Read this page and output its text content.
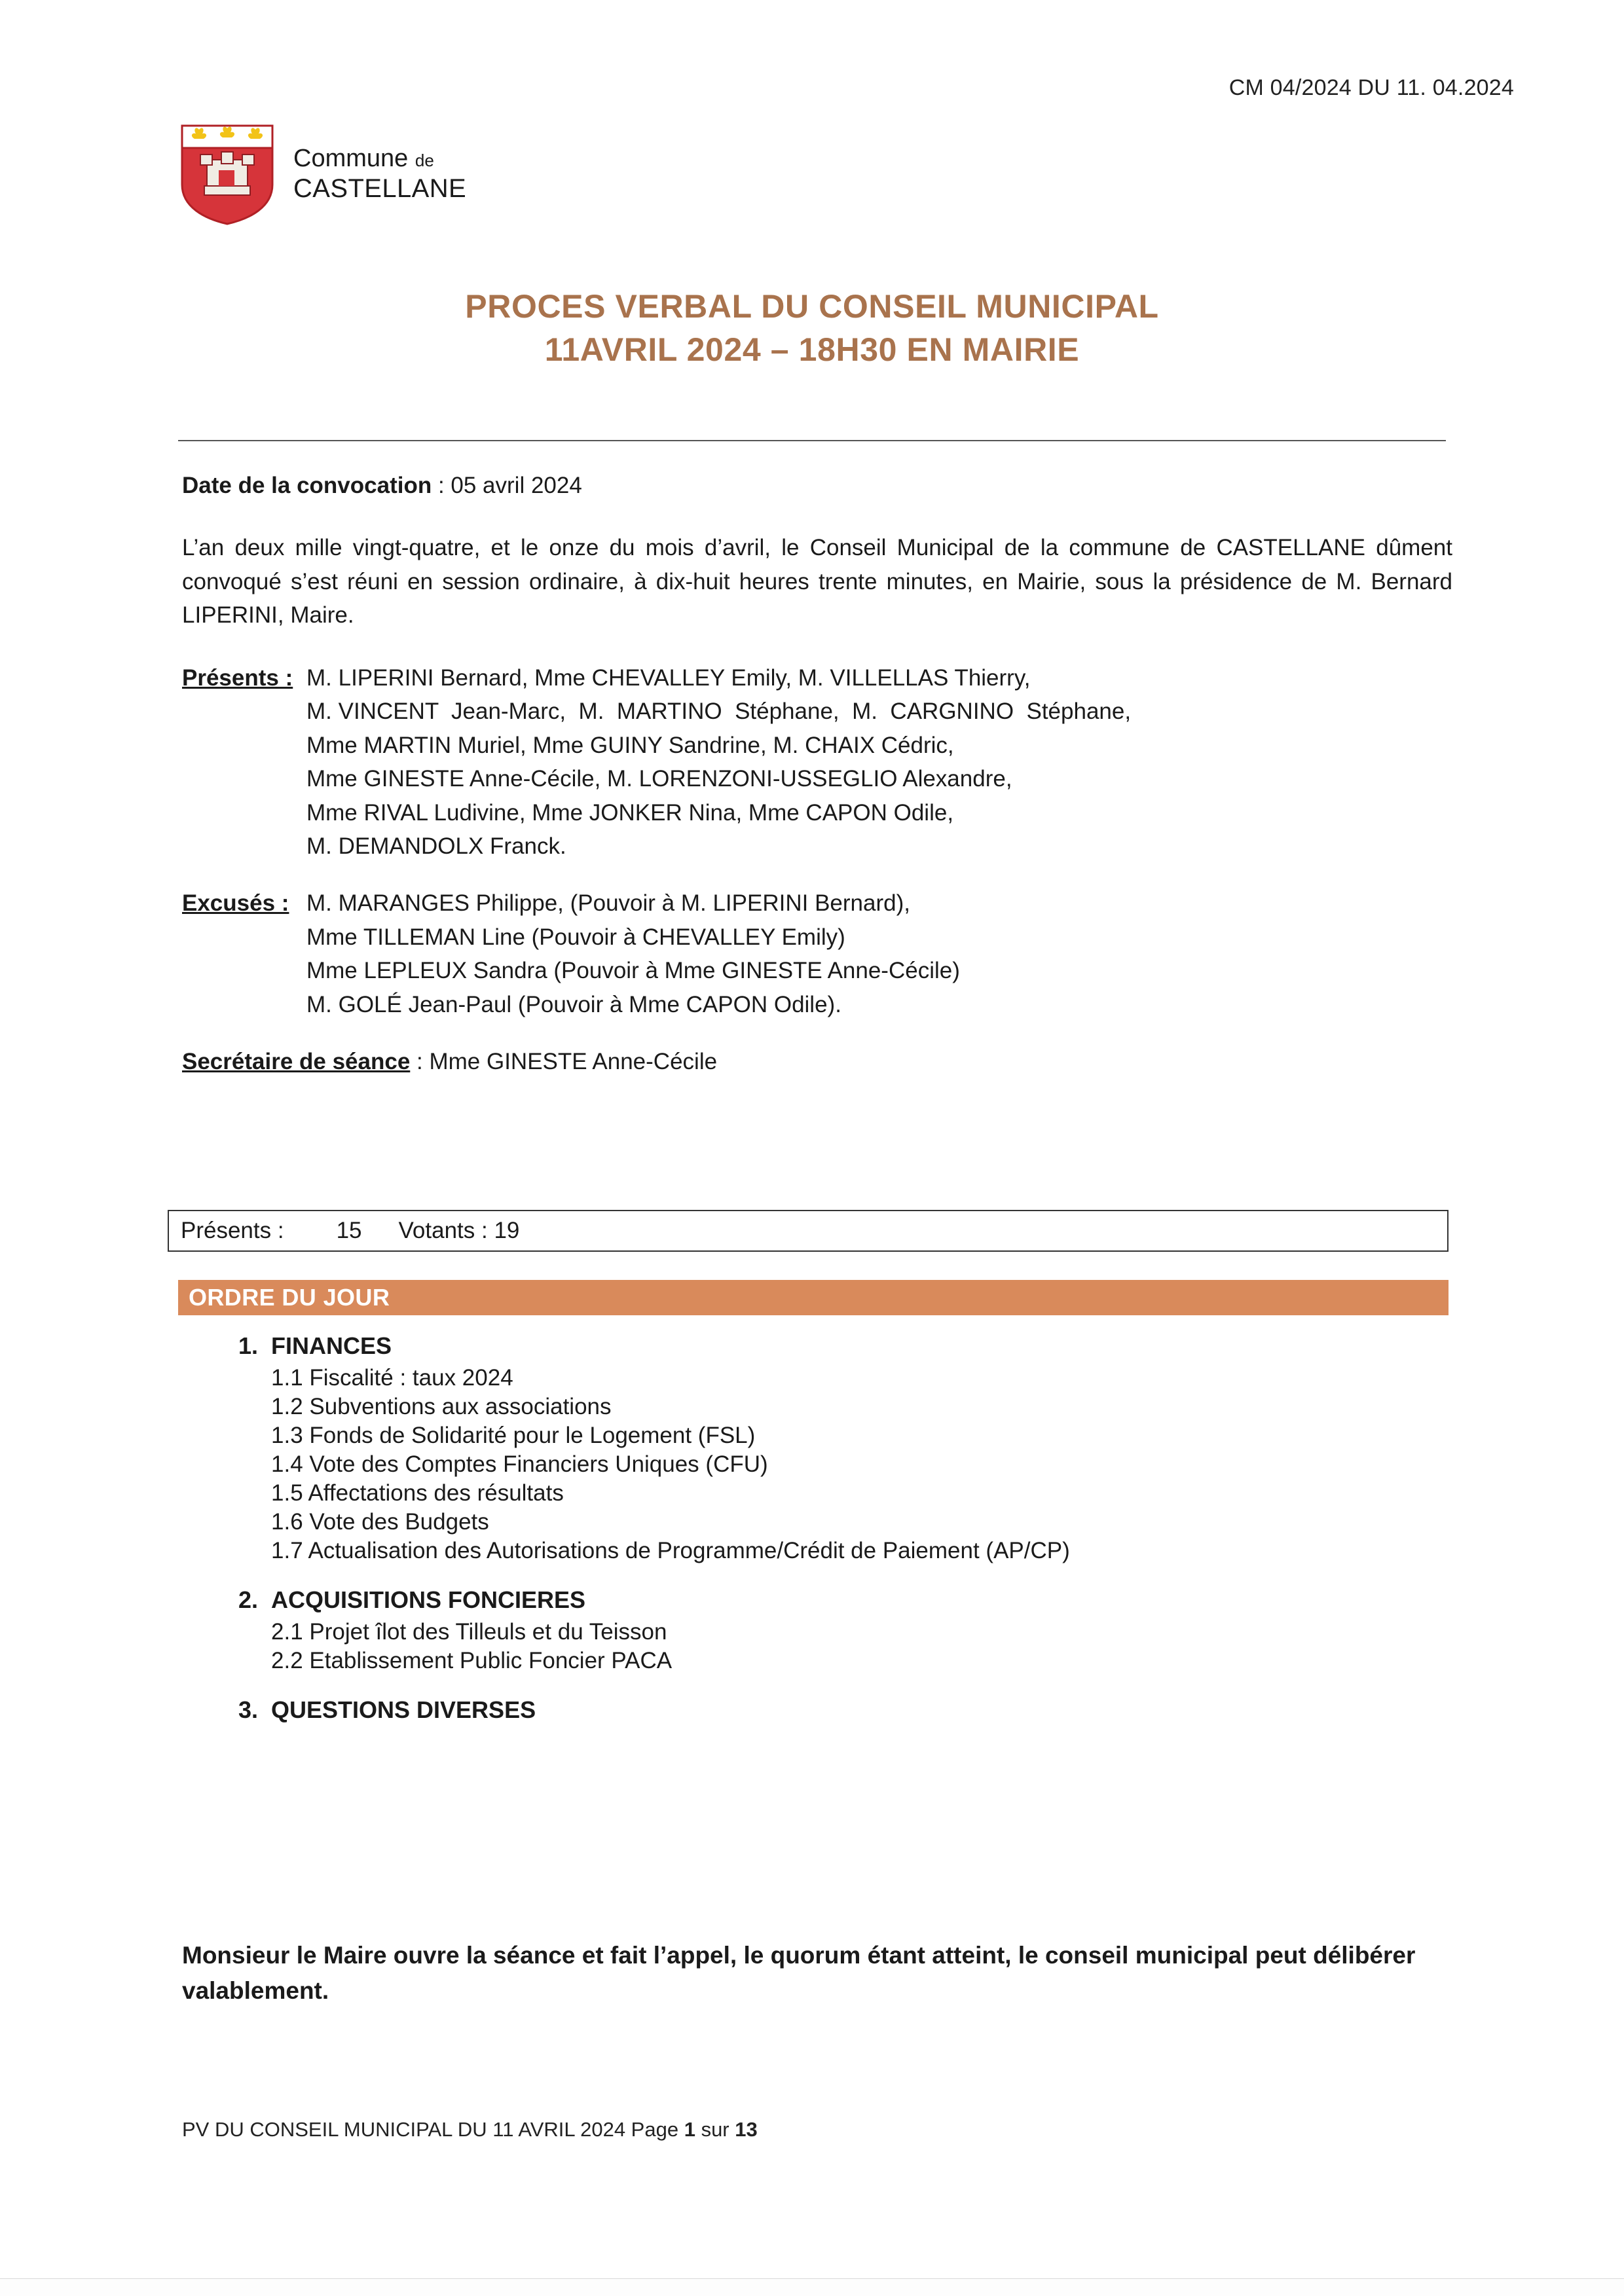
CM 04/2024 DU 11. 04.2024
Commune de
CASTELLANE
PROCES VERBAL DU CONSEIL MUNICIPAL
11AVRIL 2024 – 18H30 EN MAIRIE

Date de la convocation : 05 avril 2024

L’an deux mille vingt-quatre, et le onze du mois d’avril, le Conseil Municipal de la commune de CASTELLANE dûment convoqué s’est réuni en session ordinaire, à dix-huit heures trente minutes, en Mairie, sous la présidence de M. Bernard LIPERINI, Maire.

Présents : M. LIPERINI Bernard, Mme CHEVALLEY Emily, M. VILLELLAS Thierry,
M. VINCENT  Jean-Marc,  M.  MARTINO  Stéphane,  M.  CARGNINO  Stéphane,
Mme MARTIN Muriel, Mme GUINY Sandrine, M. CHAIX Cédric,
Mme GINESTE Anne-Cécile, M. LORENZONI-USSEGLIO Alexandre,
Mme RIVAL Ludivine, Mme JONKER Nina, Mme CAPON Odile,
M. DEMANDOLX Franck.
Excusés : M. MARANGES Philippe, (Pouvoir à M. LIPERINI Bernard),
Mme TILLEMAN Line (Pouvoir à CHEVALLEY Emily)
Mme LEPLEUX Sandra (Pouvoir à Mme GINESTE Anne-Cécile)
M. GOLÉ Jean-Paul (Pouvoir à Mme CAPON Odile).

Secrétaire de séance : Mme GINESTE Anne-Cécile

Présents : 15 Votants : 19
ORDRE DU JOUR
1. FINANCES
1.1 Fiscalité : taux 2024
1.2 Subventions aux associations
1.3 Fonds de Solidarité pour le Logement (FSL)
1.4 Vote des Comptes Financiers Uniques (CFU)
1.5 Affectations des résultats
1.6 Vote des Budgets
1.7 Actualisation des Autorisations de Programme/Crédit de Paiement (AP/CP)
2. ACQUISITIONS FONCIERES
2.1 Projet îlot des Tilleuls et du Teisson
2.2 Etablissement Public Foncier PACA
3. QUESTIONS DIVERSES
Monsieur le Maire ouvre la séance et fait l’appel, le quorum étant atteint, le conseil municipal peut délibérer valablement.
PV DU CONSEIL MUNICIPAL DU 11 AVRIL 2024 Page 1 sur 13
